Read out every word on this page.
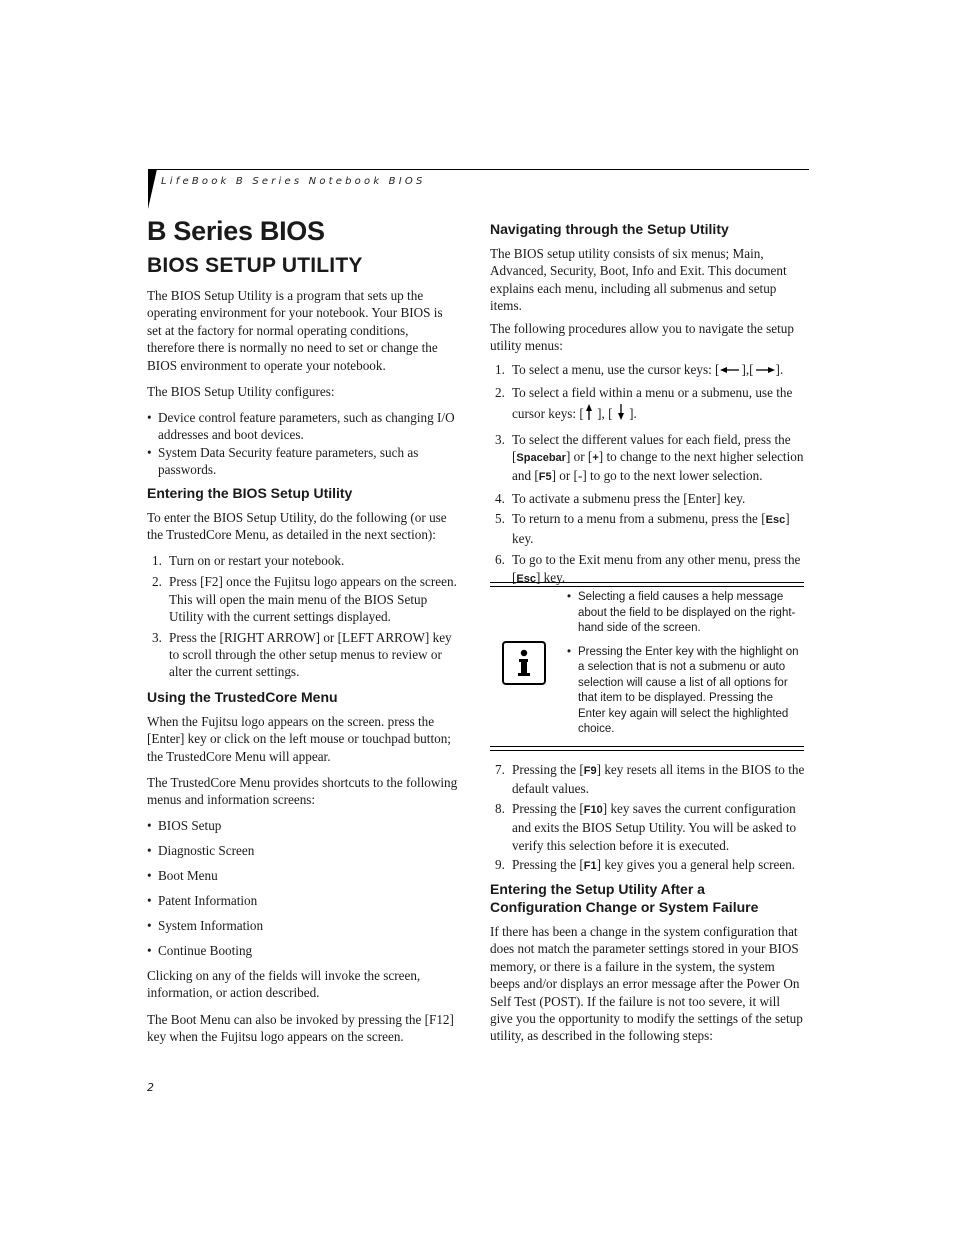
LifeBook B Series Notebook BIOS
B Series BIOS
BIOS SETUP UTILITY

The BIOS Setup Utility is a program that sets up the operating environment for your notebook. Your BIOS is set at the factory for normal operating conditions, therefore there is normally no need to set or change the BIOS environment to operate your notebook.

The BIOS Setup Utility configures:

• Device control feature parameters, such as changing I/O addresses and boot devices.
• System Data Security feature parameters, such as passwords.
Entering the BIOS Setup Utility

To enter the BIOS Setup Utility, do the following (or use the TrustedCore Menu, as detailed in the next section):

1. Turn on or restart your notebook.
2. Press [F2] once the Fujitsu logo appears on the screen. This will open the main menu of the BIOS Setup Utility with the current settings displayed.
3. Press the [RIGHT ARROW] or [LEFT ARROW] key to scroll through the other setup menus to review or alter the current settings.
Using the TrustedCore Menu

When the Fujitsu logo appears on the screen. press the [Enter] key or click on the left mouse or touchpad button; the TrustedCore Menu will appear.

The TrustedCore Menu provides shortcuts to the following menus and information screens:

• BIOS Setup
• Diagnostic Screen
• Boot Menu
• Patent Information
• System Information
• Continue Booting

Clicking on any of the fields will invoke the screen, information, or action described.

The Boot Menu can also be invoked by pressing the [F12] key when the Fujitsu logo appears on the screen.

Navigating through the Setup Utility

The BIOS setup utility consists of six menus; Main, Advanced, Security, Boot, Info and Exit. This document explains each menu, including all submenus and setup items.

The following procedures allow you to navigate the setup utility menus:

1. To select a menu, use the cursor keys: [ ],[ ].
2. To select a field within a menu or a submenu, use the cursor keys: [ ], [  ].
3. To select the different values for each field, press the [Spacebar] or [+] to change to the next higher selection and [F5] or [-] to go to the next lower selection.
4. To activate a submenu press the [Enter] key.
5. To return to a menu from a submenu, press the [Esc] key.
6. To go to the Exit menu from any other menu, press the [Esc] key.
• Selecting a field causes a help message about the field to be displayed on the right-hand side of the screen.
• Pressing the Enter key with the highlight on a selection that is not a submenu or auto selection will cause a list of all options for that item to be displayed. Pressing the Enter key again will select the highlighted choice.
7. Pressing the [F9] key resets all items in the BIOS to the default values.
8. Pressing the [F10] key saves the current configuration and exits the BIOS Setup Utility. You will be asked to verify this selection before it is executed.
9. Pressing the [F1] key gives you a general help screen.
Entering the Setup Utility After a
Configuration Change or System Failure

If there has been a change in the system configuration that does not match the parameter settings stored in your BIOS memory, or there is a failure in the system, the system beeps and/or displays an error message after the Power On Self Test (POST). If the failure is not too severe, it will give you the opportunity to modify the settings of the setup utility, as described in the following steps:

2
